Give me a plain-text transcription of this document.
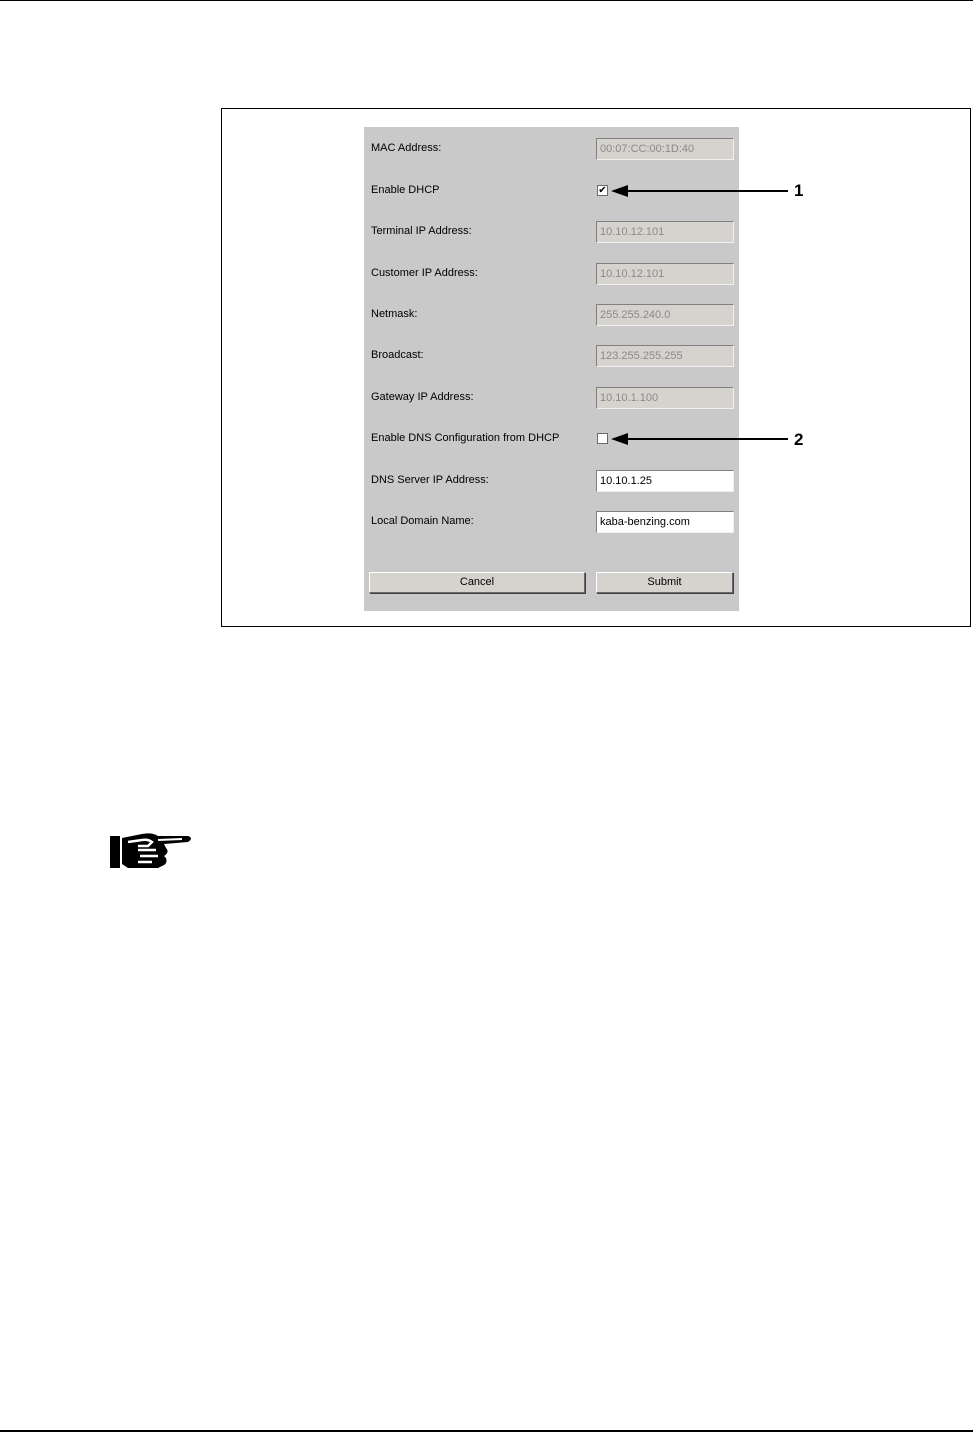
MAC Address:	00:07:CC:00:1D:40
Enable DHCP	✔
Terminal IP Address:	10.10.12.101
Customer IP Address:	10.10.12.101
Netmask:	255.255.240.0
Broadcast:	123.255.255.255
Gateway IP Address:	10.10.1.100
Enable DNS Configuration from DHCP
DNS Server IP Address:	10.10.1.25
Local Domain Name:	kaba-benzing.com
Cancel	Submit
1
2
